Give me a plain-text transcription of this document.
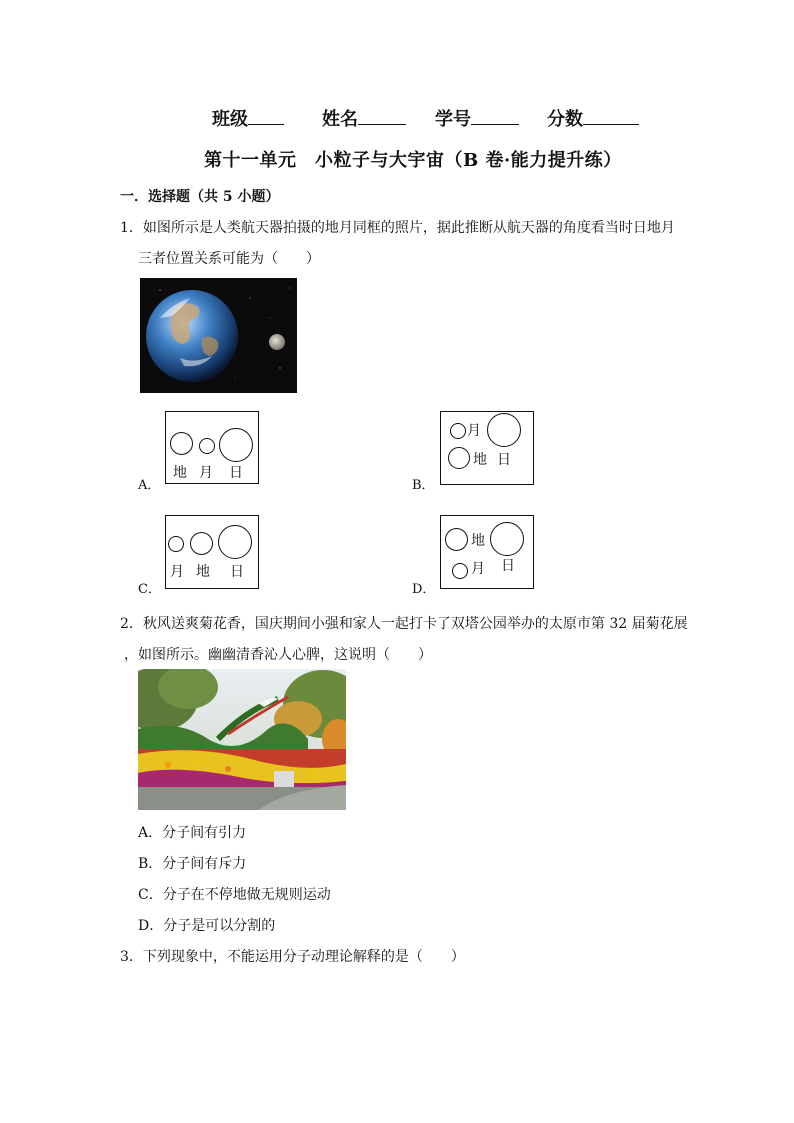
班级	姓名	学号	分数
第十一单元　小粒子与大宇宙（B 卷·能力提升练）
一．选择题（共 5 小题）
1．如图所示是人类航天器拍摄的地月同框的照片，据此推断从航天器的角度看当时日地月
三者位置关系可能为（　　）
A．
地 月 日
B．
月
地 日
C．
月 地 日
D．
地
月 日
2．秋风送爽菊花香，国庆期间小强和家人一起打卡了双塔公园举办的太原市第 32 届菊花展
，如图所示。幽幽清香沁人心脾，这说明（　　）
A．分子间有引力
B．分子间有斥力
C．分子在不停地做无规则运动
D．分子是可以分割的
3．下列现象中，不能运用分子动理论解释的是（　　）
